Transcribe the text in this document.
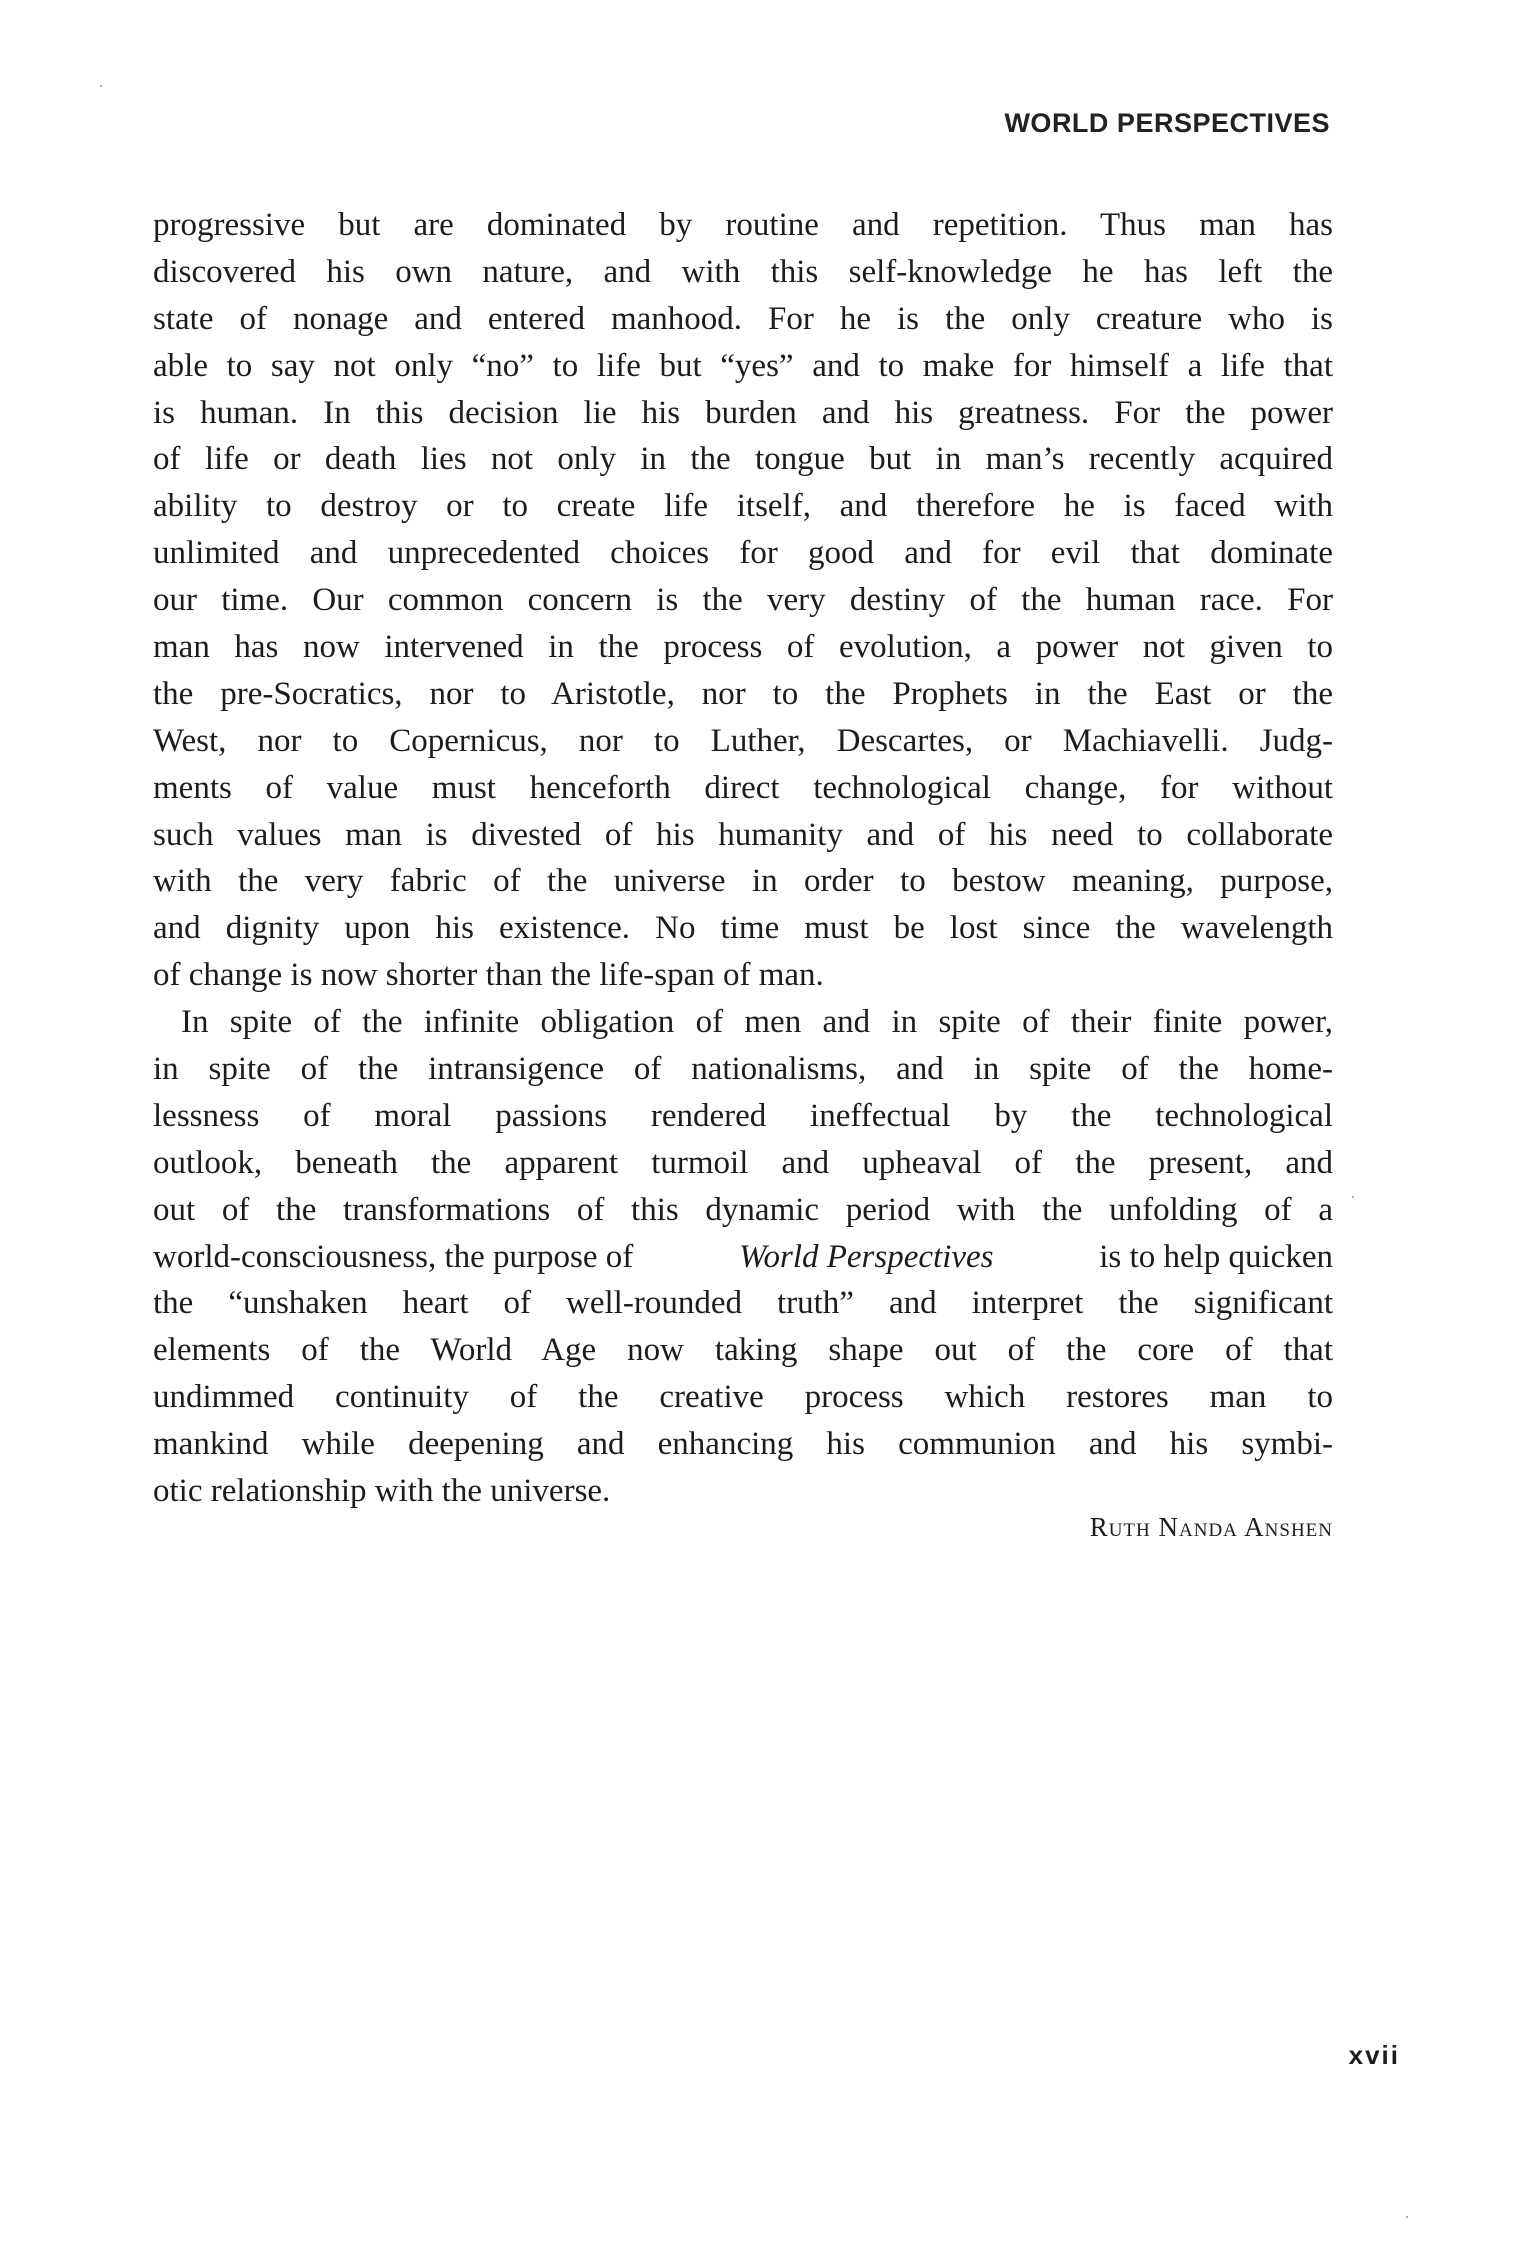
WORLD PERSPECTIVES
progressive but are dominated by routine and repetition. Thus man has
discovered his own nature, and with this self-knowledge he has left the
state of nonage and entered manhood. For he is the only creature who is
able to say not only “no” to life but “yes” and to make for himself a life that
is human. In this decision lie his burden and his greatness. For the power
of life or death lies not only in the tongue but in man’s recently acquired
ability to destroy or to create life itself, and therefore he is faced with
unlimited and unprecedented choices for good and for evil that dominate
our time. Our common concern is the very destiny of the human race. For
man has now intervened in the process of evolution, a power not given to
the pre-Socratics, nor to Aristotle, nor to the Prophets in the East or the
West, nor to Copernicus, nor to Luther, Descartes, or Machiavelli. Judg-
ments of value must henceforth direct technological change, for without
such values man is divested of his humanity and of his need to collaborate
with the very fabric of the universe in order to bestow meaning, purpose,
and dignity upon his existence. No time must be lost since the wavelength
of change is now shorter than the life-span of man.
In spite of the infinite obligation of men and in spite of their finite power,
in spite of the intransigence of nationalisms, and in spite of the home-
lessness of moral passions rendered ineffectual by the technological
outlook, beneath the apparent turmoil and upheaval of the present, and
out of the transformations of this dynamic period with the unfolding of a
world-consciousness, the purpose of	World Perspectives	is to help quicken
the “unshaken heart of well-rounded truth” and interpret the significant
elements of the World Age now taking shape out of the core of that
undimmed continuity of the creative process which restores man to
mankind while deepening and enhancing his communion and his symbi-
otic relationship with the universe.
Ruth Nanda Anshen
xvii
